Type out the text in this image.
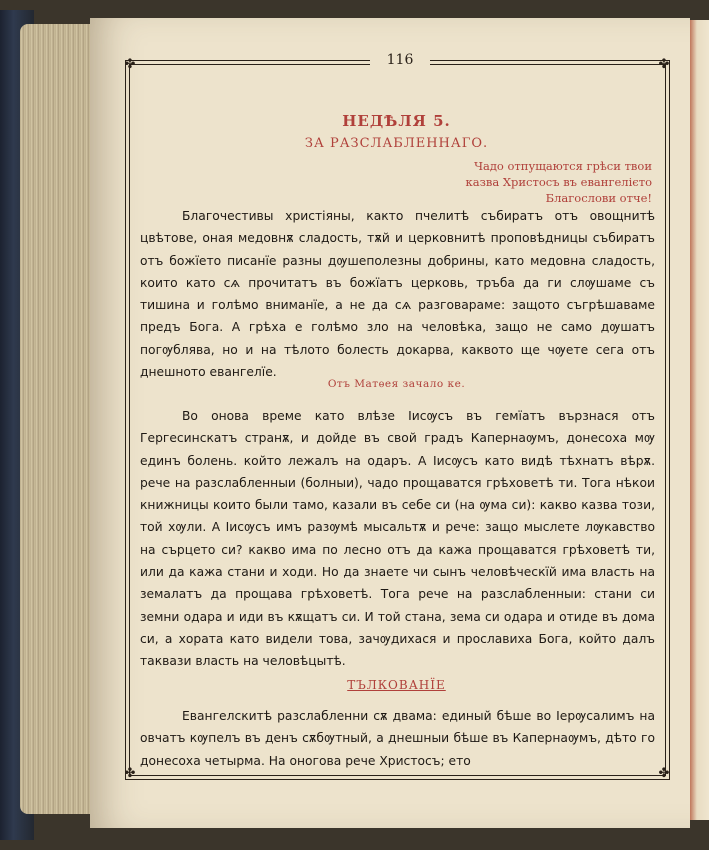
✤	✤
✤	✤
116
НЕДѢЛЯ 5.
ЗА РАЗСЛАБЛЕННАГО.
Чадо отпущаются грѣси твои
казва Христосъ въ евангелієто
Благослови отче!

Благочестивы христiяны, както пчелитѣ събиратъ отъ овощнитѣ цвѣтове, оная медовнѫ сладость, тѫй и церковнитѣ проповѣдницы събиратъ отъ божїето писанїе разны дѹшеполезны добрины, като медовна сладость, които като сѧ прочитатъ въ божїатъ церковь, тръба да ги слѹшаме съ тишина и голѣмо вниманїе, а не да сѧ разговараме: защото съгрѣшаваме предъ Бога. А грѣха е голѣмо зло на человѣка, защо не само дѹшатъ погѹблява, но и на тѣлото болесть докарва, каквото ще чѹете сега отъ днешното евангелїе.

Отъ Матѳея зачало ке.

Во онова време като влѣзе Іисѹсъ въ гемїатъ вързнася отъ Гергесинскатъ странѫ, и дойде въ свой градъ Капернаѹмъ, донесоха мѹ единъ болень. който лежалъ на одаръ. А Іисѹсъ като видѣ тѣхнатъ вѣрѫ. рече на разслабленныи (болныи), чадо прощаватся грѣховетѣ ти. Тога нѣкои книжницы които были тамо, казали въ себе си (на ѹма си): какво казва този, той хѹли. А Іисѹсъ имъ разѹмѣ мысальтѫ и рече: защо мыслете лѹкавство на сърцето си? какво има по лесно отъ да кажа прощаватся грѣховетѣ ти, или да кажа стани и ходи. Но да знаете чи сынъ человѣческїй има власть на земалатъ да прощава грѣховетѣ. Тога рече на разслабленныи: стани си земни одара и иди въ кѫщатъ си. И той стана, земa си одара и отиде въ дома си, а хората като видели това, зачѹдихася и прославиха Бога, който далъ таквази власть на человѣцытѣ.

ТЪЛКОВАНЇЕ

Евангелскитѣ разслабленни сѫ двама: единый бѣше во Іерѹсалимъ на овчатъ кѹпелъ въ денъ сѫбѹтный, а днешныи бѣше въ Капернаѹмъ, дѣто го донесоха четырма. На оногова рече Христосъ; ето
